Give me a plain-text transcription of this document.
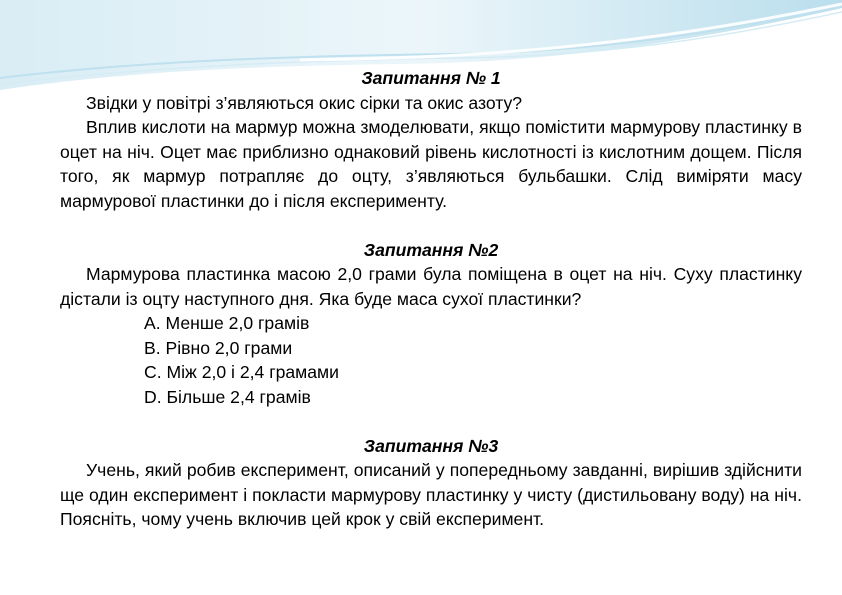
Запитання № 1

Звідки у повітрі з’являються окис сірки та окис азоту?

Вплив кислоти на мармур можна змоделювати, якщо помістити мармурову пластинку в оцет на ніч. Оцет має приблизно однаковий рівень кислотності із кислотним дощем. Після того, як мармур потрапляє до оцту, з’являються бульбашки. Слід виміряти масу мармурової пластинки до і після експерименту.

Запитання №2

Мармурова пластинка масою 2,0 грами була поміщена в оцет на ніч. Суху пластинку дістали із оцту наступного дня. Яка буде маса сухої пластинки?

A. Менше 2,0 грамів
B. Рівно 2,0 грами
C. Між 2,0 і 2,4 грамами
D. Більше 2,4 грамів

Запитання №3

Учень, який робив експеримент, описаний у попередньому завданні, вирішив здійснити ще один експеримент і покласти мармурову пластинку у чисту (дистильовану воду) на ніч. Поясніть, чому учень включив цей крок у свій експеримент.
